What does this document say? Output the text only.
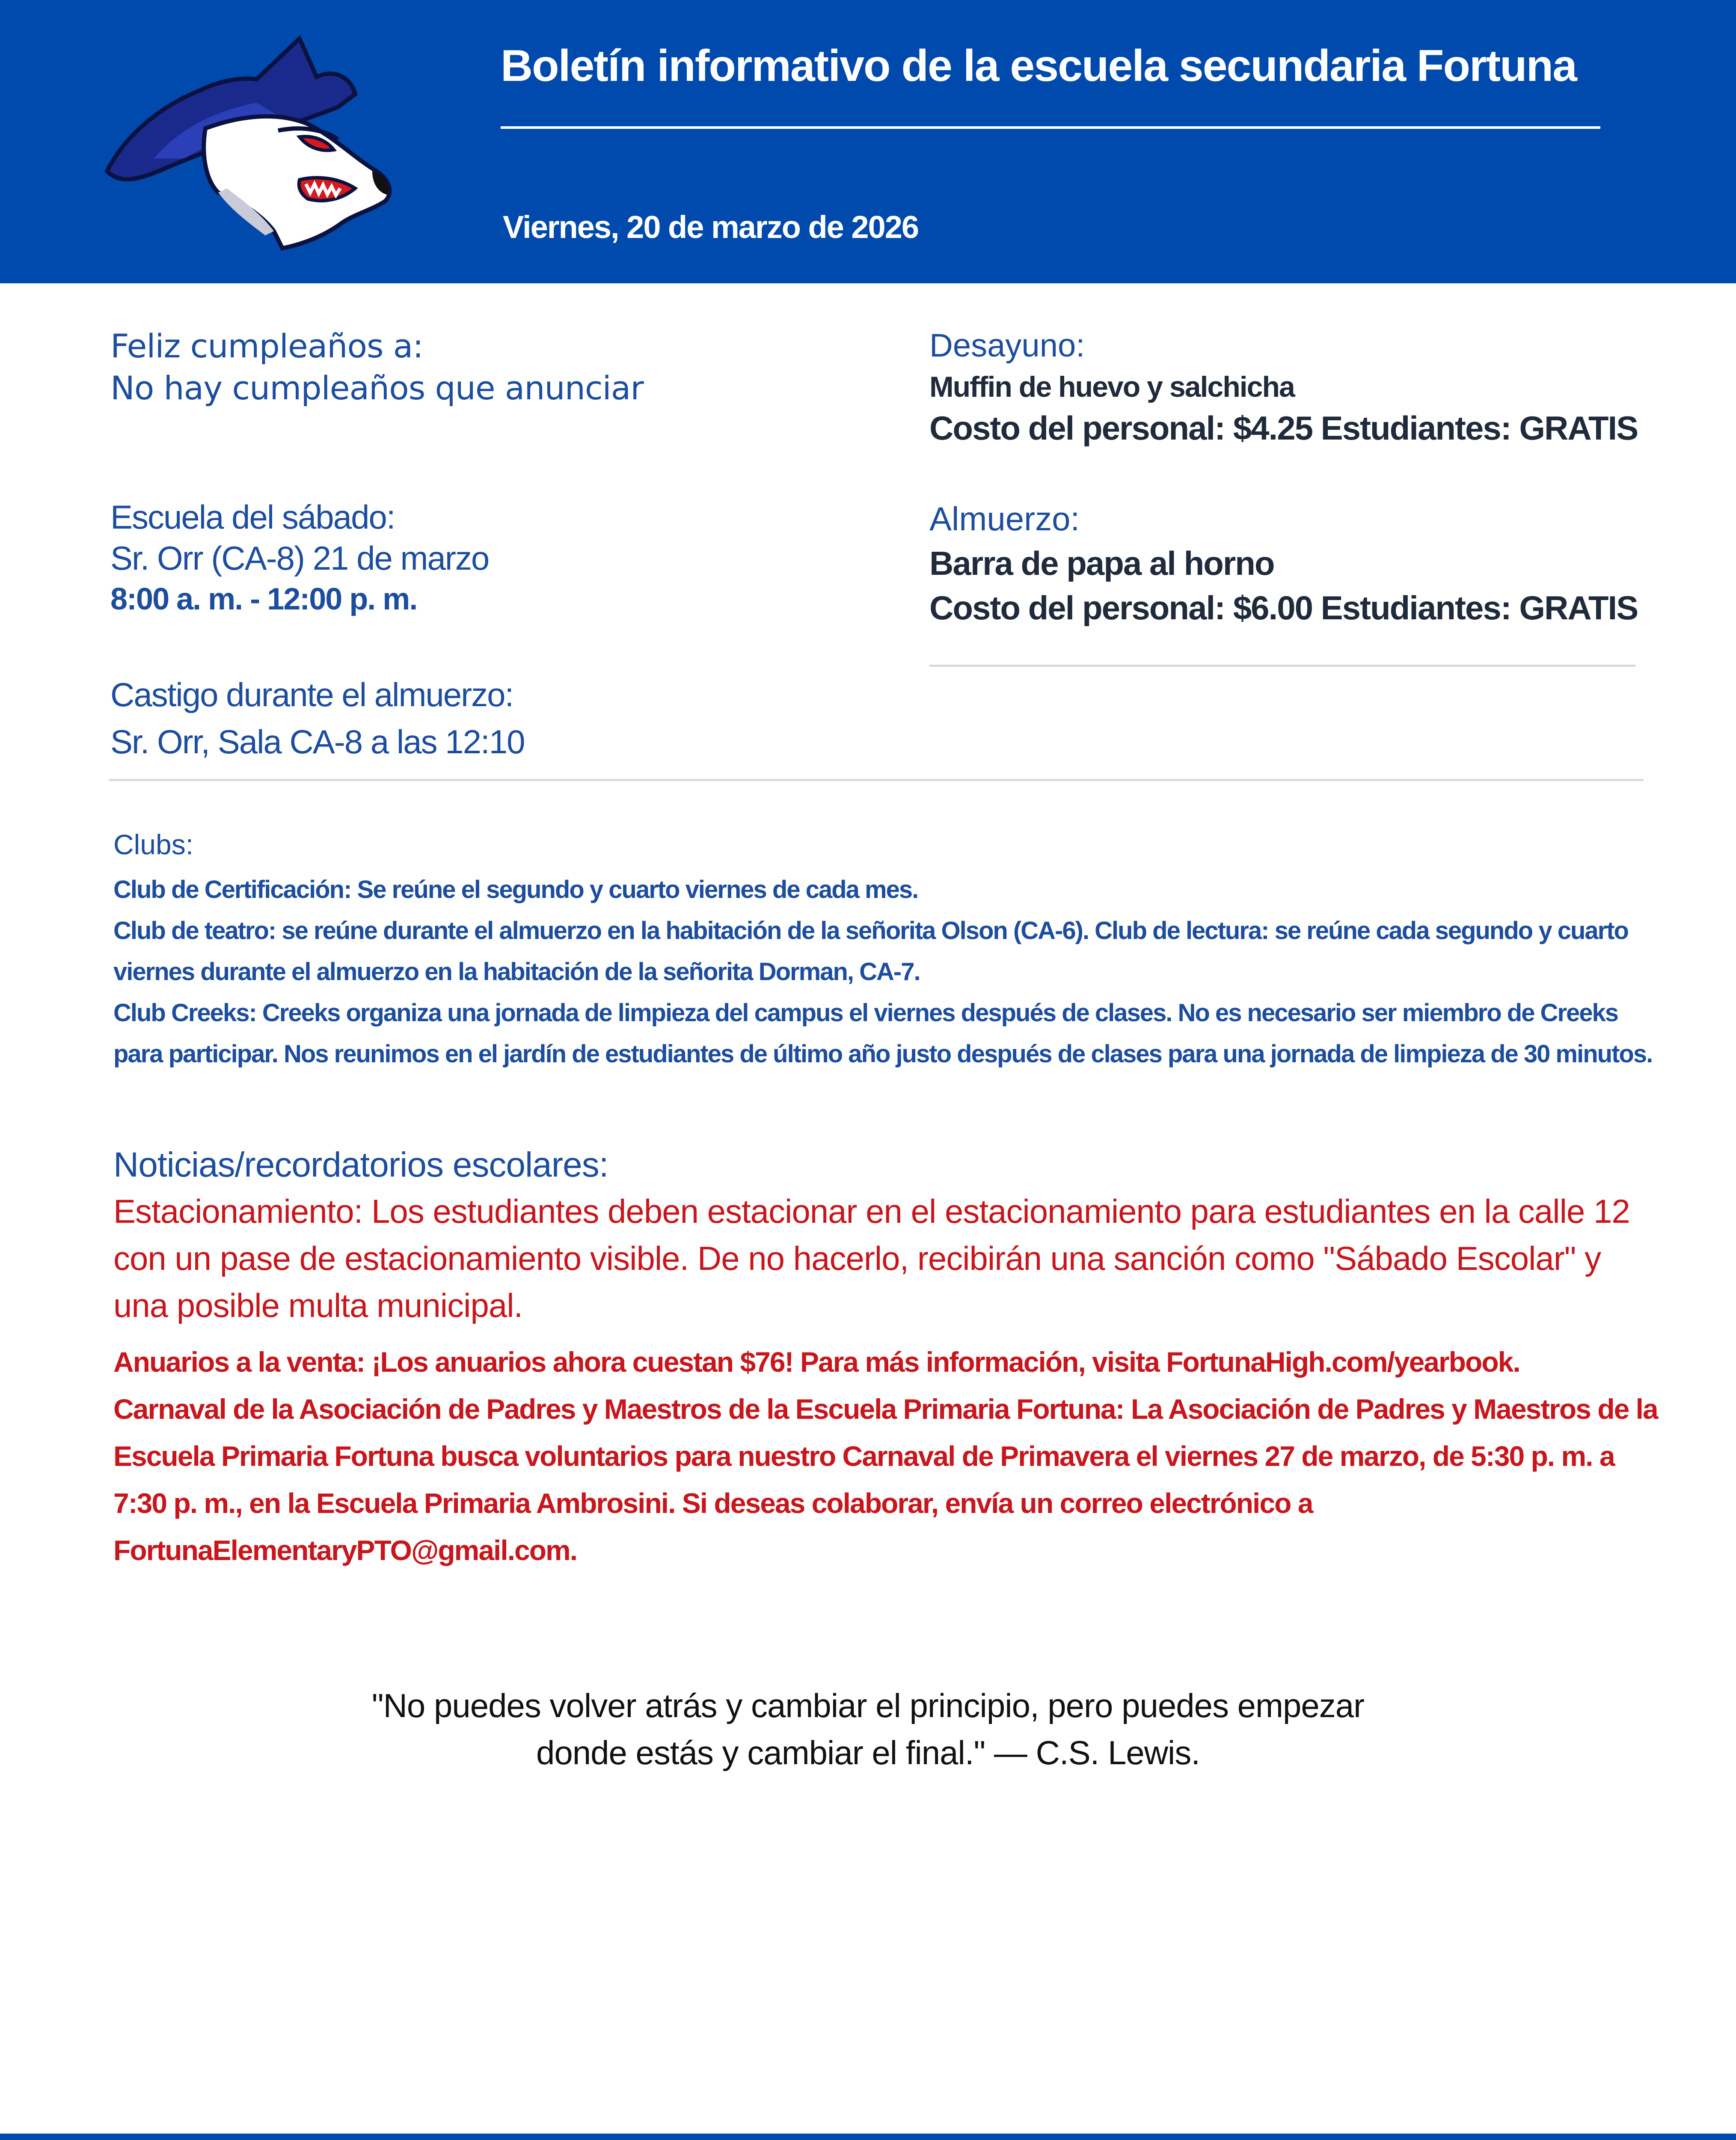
Boletín informativo de la escuela secundaria Fortuna
Viernes, 20 de marzo de 2026
Feliz cumpleaños a:
No hay cumpleaños que anunciar
Desayuno:
Muffin de huevo y salchicha
Costo del personal: $4.25 Estudiantes: GRATIS
Escuela del sábado:
Sr. Orr (CA-8) 21 de marzo
8:00 a. m. - 12:00 p. m.
Almuerzo:
Barra de papa al horno
Costo del personal: $6.00 Estudiantes: GRATIS
Castigo durante el almuerzo:
Sr. Orr, Sala CA-8 a las 12:10
Clubs:

Club de Certificación: Se reúne el segundo y cuarto viernes de cada mes.

Club de teatro: se reúne durante el almuerzo en la habitación de la señorita Olson (CA-6). Club de lectura: se reúne cada segundo y cuarto viernes durante el almuerzo en la habitación de la señorita Dorman, CA-7.

Club Creeks: Creeks organiza una jornada de limpieza del campus el viernes después de clases. No es necesario ser miembro de Creeks para participar. Nos reunimos en el jardín de estudiantes de último año justo después de clases para una jornada de limpieza de 30 minutos.

Noticias/recordatorios escolares:

Estacionamiento: Los estudiantes deben estacionar en el estacionamiento para estudiantes en la calle 12 con un pase de estacionamiento visible. De no hacerlo, recibirán una sanción como "Sábado Escolar" y una posible multa municipal.

Anuarios a la venta: ¡Los anuarios ahora cuestan $76! Para más información, visita FortunaHigh.com/yearbook.

Carnaval de la Asociación de Padres y Maestros de la Escuela Primaria Fortuna: La Asociación de Padres y Maestros de la Escuela Primaria Fortuna busca voluntarios para nuestro Carnaval de Primavera el viernes 27 de marzo, de 5:30 p. m. a 7:30 p. m., en la Escuela Primaria Ambrosini. Si deseas colaborar, envía un correo electrónico a FortunaElementaryPTO@gmail.com.

"No puedes volver atrás y cambiar el principio, pero puedes empezar
donde estás y cambiar el final." — C.S. Lewis.
